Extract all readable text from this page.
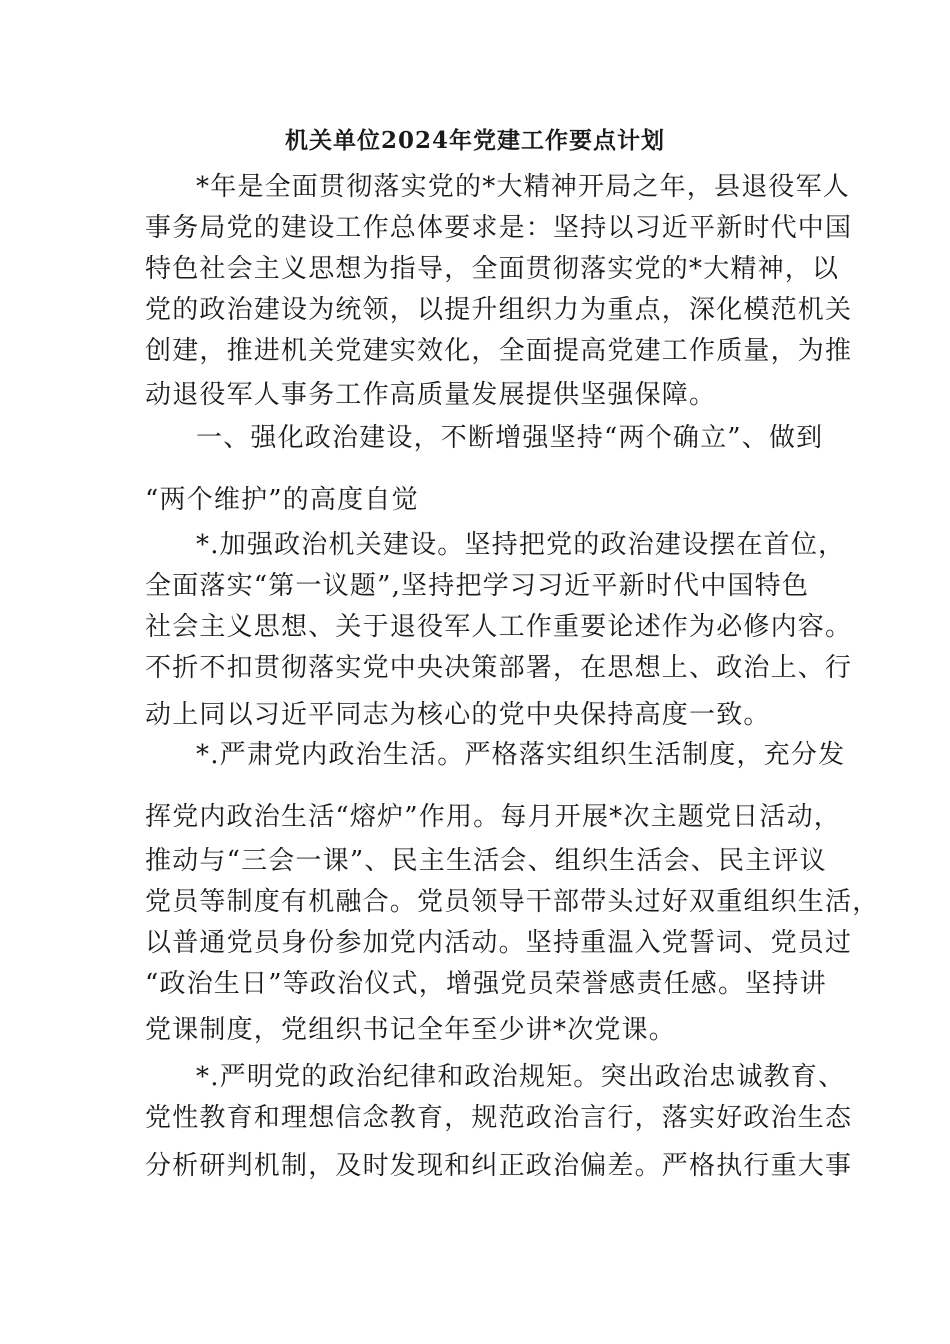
机关单位2024年党建工作要点计划
*年是全面贯彻落实党的*大精神开局之年，县退役军人
事务局党的建设工作总体要求是：坚持以习近平新时代中国
特色社会主义思想为指导，全面贯彻落实党的*大精神，以
党的政治建设为统领，以提升组织力为重点，深化模范机关
创建，推进机关党建实效化，全面提高党建工作质量，为推
动退役军人事务工作高质量发展提供坚强保障。
一、强化政治建设，不断增强坚持“两个确立”、做到
“两个维护”的高度自觉
*.加强政治机关建设。坚持把党的政治建设摆在首位，
全面落实“第一议题”,坚持把学习习近平新时代中国特色
社会主义思想、关于退役军人工作重要论述作为必修内容。
不折不扣贯彻落实党中央决策部署，在思想上、政治上、行
动上同以习近平同志为核心的党中央保持高度一致。
*.严肃党内政治生活。严格落实组织生活制度，充分发
挥党内政治生活“熔炉”作用。每月开展*次主题党日活动，
推动与“三会一课”、民主生活会、组织生活会、民主评议
党员等制度有机融合。党员领导干部带头过好双重组织生活，
以普通党员身份参加党内活动。坚持重温入党誓词、党员过
“政治生日”等政治仪式，增强党员荣誉感责任感。坚持讲
党课制度，党组织书记全年至少讲*次党课。
*.严明党的政治纪律和政治规矩。突出政治忠诚教育、
党性教育和理想信念教育，规范政治言行，落实好政治生态
分析研判机制，及时发现和纠正政治偏差。严格执行重大事
